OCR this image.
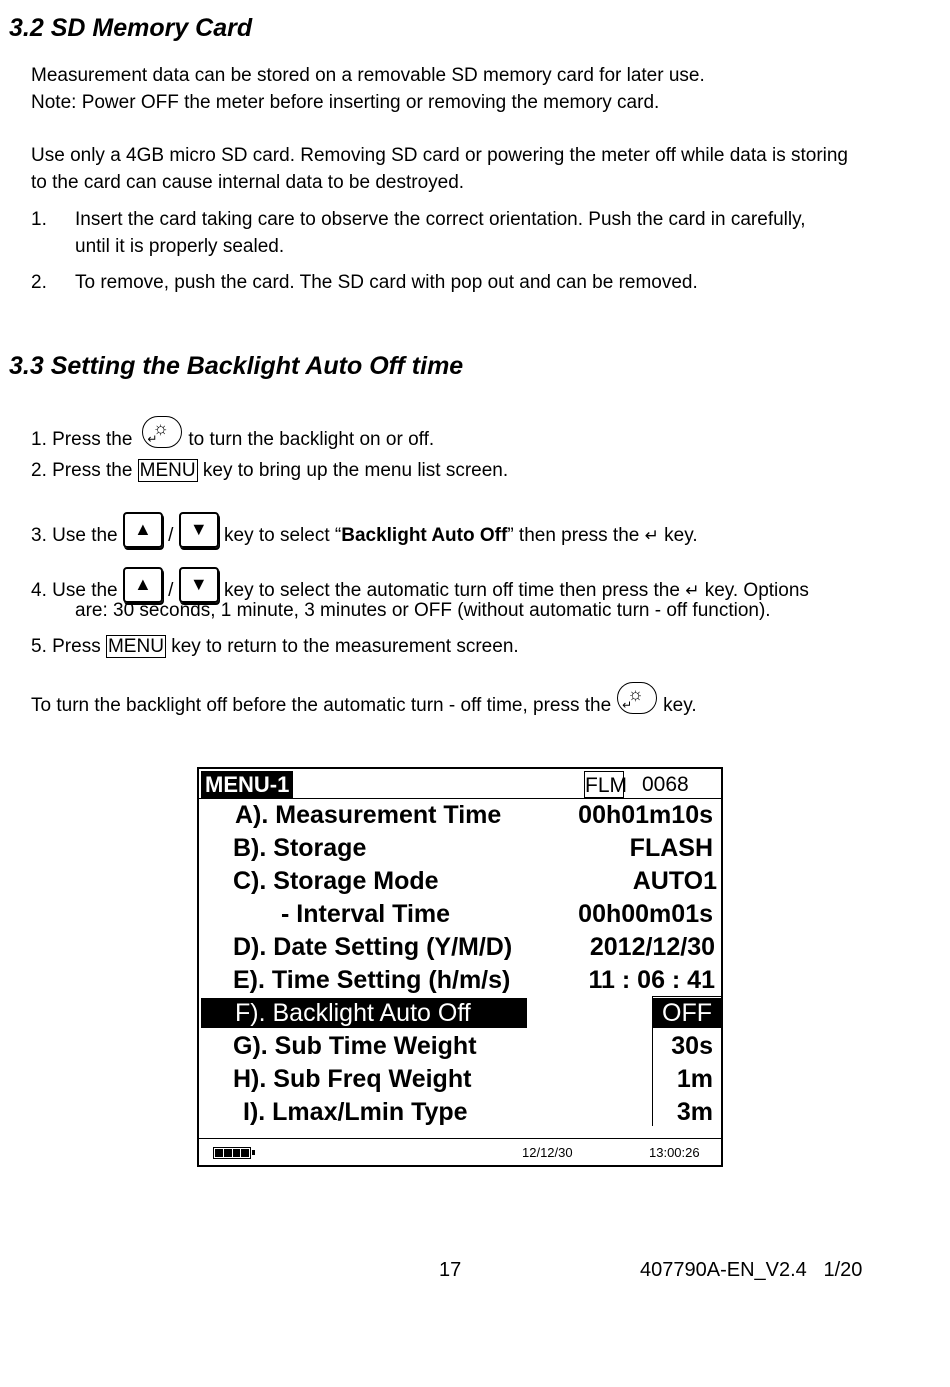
3.2 SD Memory Card
Measurement data can be stored on a removable SD memory card for later use.
Note: Power OFF the meter before inserting or removing the memory card.
Use only a 4GB micro SD card. Removing SD card or powering the meter off while data is storing
to the card can cause internal data to be destroyed.
1. Insert the card taking care to observe the correct orientation. Push the card in carefully,
until it is properly sealed.
2. To remove, push the card. The SD card with pop out and can be removed.
3.3 Setting the Backlight Auto Off time
1. Press the
☼
↵ to turn the backlight on or off.
2. Press the MENU key to bring up the menu list screen.
3. Use the ▲ / ▼ key to select “Backlight Auto Off” then press the ↵ key.
4. Use the ▲ / ▼ key to select the automatic turn off time then press the ↵ key. Options
are: 30 seconds, 1 minute, 3 minutes or OFF (without automatic turn - off function).
5. Press MENU key to return to the measurement screen.
To turn the backlight off before the automatic turn - off time, press the
☼
↵ key.
MENU-1	FLM 0068
A). Measurement Time	00h01m10s
B). Storage	FLASH
C). Storage Mode	AUTO1
- Interval Time	00h00m01s
D). Date Setting (Y/M/D)	2012/12/30
E). Time Setting (h/m/s)	11 : 06 : 41
F). Backlight Auto Off	OFF
G). Sub Time Weight	30s
H). Sub Freq Weight	1m
I). Lmax/Lmin Type	3m
12/12/30	13:00:26
17	407790A-EN_V2.4   1/20
